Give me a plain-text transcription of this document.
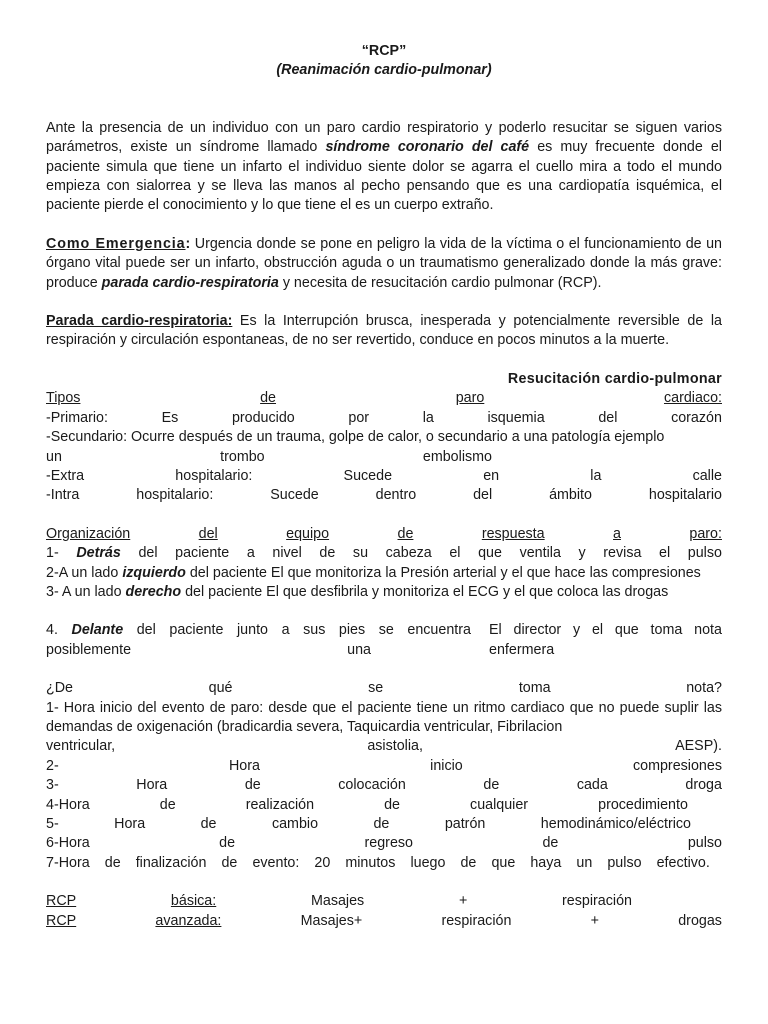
“RCP”
(Reanimación cardio-pulmonar)

Ante la presencia de un individuo con un paro cardio respiratorio y poderlo resucitar se siguen varios parámetros, existe un síndrome llamado síndrome coronario del café es muy frecuente donde el paciente simula que tiene un infarto el individuo siente dolor se agarra el cuello mira a todo el mundo empieza con sialorrea y se lleva las manos al pecho pensando que es una cardiopatía isquémica, el paciente pierde el conocimiento y lo que tiene el es un cuerpo extraño.

Como Emergencia: Urgencia donde se pone en peligro la vida de la víctima o el funcionamiento de un órgano vital puede ser un infarto, obstrucción aguda o un traumatismo generalizado donde la más grave: produce parada cardio-respiratoria y necesita de resucitación cardio pulmonar (RCP).

Parada cardio-respiratoria: Es la Interrupción brusca, inesperada y potencialmente reversible de la respiración y circulación espontaneas, de no ser revertido, conduce en pocos minutos a la muerte.

Resucitación cardio-pulmonar
Tipos	de	paro	cardiaco:
-Primario:	Es	producido	por	la	isquemia	del	corazón
-Secundario: Ocurre después de un trauma, golpe de calor, o secundario a una patología ejemplo
un	trombo	embolismo
-Extra	hospitalario:	Sucede	en	la	calle
-Intra	hospitalario:	Sucede	dentro	del	ámbito	hospitalario
Organización	del	equipo	de	respuesta	a	paro:
1- Detrás del paciente a nivel de su cabeza el que ventila y revisa el pulso

2-A un lado izquierdo del paciente El que monitoriza la Presión arterial y el que hace las compresiones

3- A un lado derecho del paciente El que desfibrila y monitoriza el ECG y el que coloca las drogas

4. Delante del paciente junto a sus pies se encuentra
posiblemente	una
El director y el que toma nota
enfermera
¿De	qué	se	toma	nota?

1- Hora inicio del evento de paro: desde que el paciente tiene un ritmo cardiaco que no puede suplir las demandas de oxigenación (bradicardia severa, Taquicardia ventricular, Fibrilacion

ventricular,	asistolia,	AESP).
2-	Hora	inicio	compresiones
3-	Hora	de	colocación	de	cada	droga
4-Hora	de	realización	de	cualquier	procedimiento
5-	Hora	de	cambio	de	patrón	hemodinámico/eléctrico
6-Hora	de	regreso	de	pulso
7-Hora de finalización de evento: 20 minutos luego de que haya un pulso efectivo.
RCP	básica:	Masajes	+	respiración
RCP	avanzada:	Masajes+	respiración	+	drogas
